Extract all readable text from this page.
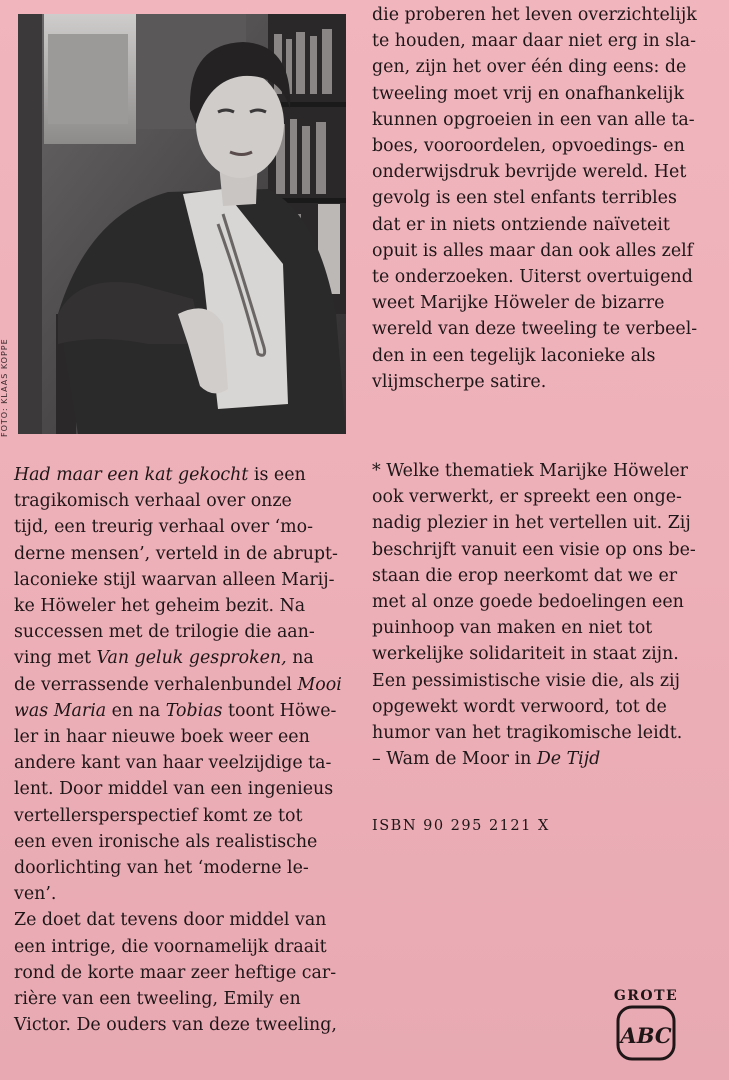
FOTO: KLAAS KOPPE

Had maar een kat gekocht is een
tragikomisch verhaal over onze
tijd, een treurig verhaal over ‘mo-
derne mensen’, verteld in de abrupt-
laconieke stijl waarvan alleen Marij-
ke Höweler het geheim bezit. Na
successen met de trilogie die aan-
ving met Van geluk gesproken, na
de verrassende verhalenbundel Mooi
was Maria en na Tobias toont Höwe-
ler in haar nieuwe boek weer een
andere kant van haar veelzijdige ta-
lent. Door middel van een ingenieus
vertellersperspectief komt ze tot
een even ironische als realistische
doorlichting van het ‘moderne le-
ven’.

Ze doet dat tevens door middel van
een intrige, die voornamelijk draait
rond de korte maar zeer heftige car-
rière van een tweeling, Emily en
Victor. De ouders van deze tweeling,

die proberen het leven overzichtelijk
te houden, maar daar niet erg in sla-
gen, zijn het over één ding eens: de
tweeling moet vrij en onafhankelijk
kunnen opgroeien in een van alle ta-
boes, vooroordelen, opvoedings- en
onderwijsdruk bevrijde wereld. Het
gevolg is een stel enfants terribles
dat er in niets ontziende naïveteit
opuit is alles maar dan ook alles zelf
te onderzoeken. Uiterst overtuigend
weet Marijke Höweler de bizarre
wereld van deze tweeling te verbeel-
den in een tegelijk laconieke als
vlijmscherpe satire.

* Welke thematiek Marijke Höweler
ook verwerkt, er spreekt een onge-
nadig plezier in het vertellen uit. Zij
beschrijft vanuit een visie op ons be-
staan die erop neerkomt dat we er
met al onze goede bedoelingen een
puinhoop van maken en niet tot
werkelijke solidariteit in staat zijn.
Een pessimistische visie die, als zij
opgewekt wordt verwoord, tot de
humor van het tragikomische leidt.
– Wam de Moor in De Tijd

ISBN 90 295 2121 X
GROTE
ABC
